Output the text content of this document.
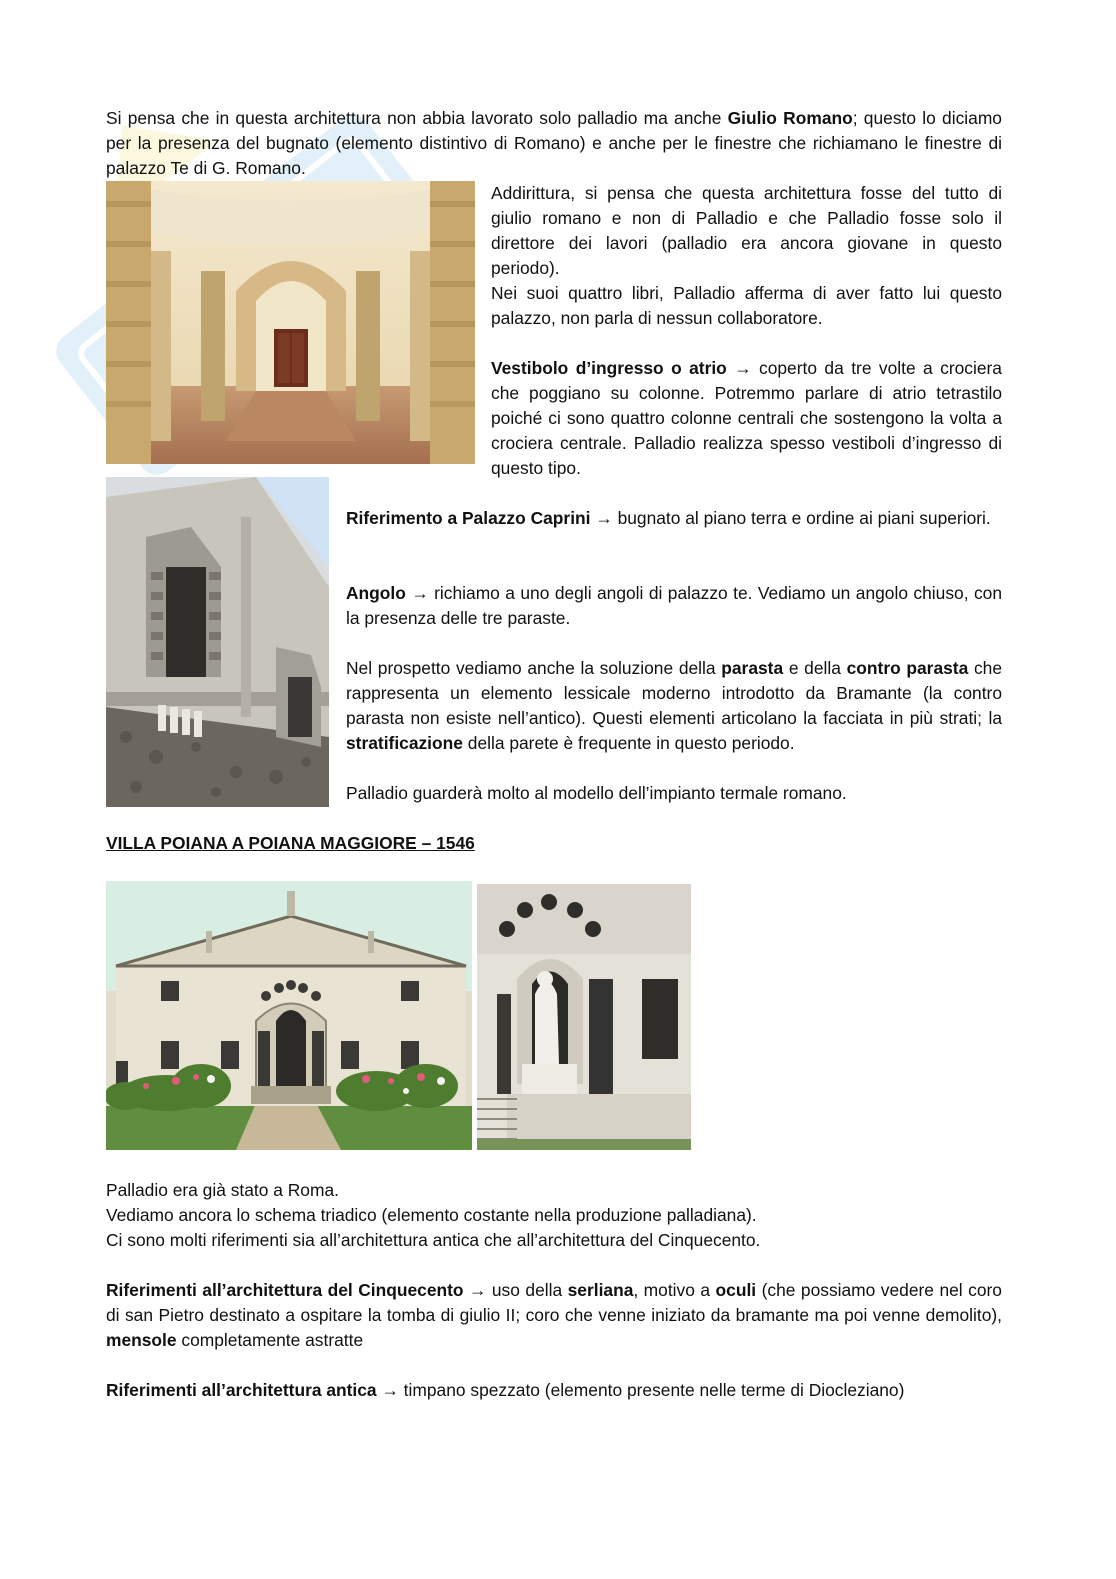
Si pensa che in questa architettura non abbia lavorato solo palladio ma anche Giulio Romano; questo lo diciamo per la presenza del bugnato (elemento distintivo di Romano) e anche per le finestre che richiamano le finestre di palazzo Te di G. Romano.

Addirittura, si pensa che questa architettura fosse del tutto di giulio romano e non di Palladio e che Palladio fosse solo il direttore dei lavori (palladio era ancora giovane in questo periodo).
Nei suoi quattro libri, Palladio afferma di aver fatto lui questo palazzo, non parla di nessun collaboratore.

Vestibolo d’ingresso o atrio → coperto da tre volte a crociera che poggiano su colonne. Potremmo parlare di atrio tetrastilo poiché ci sono quattro colonne centrali che sostengono la volta a crociera centrale. Palladio realizza spesso vestiboli d’ingresso di questo tipo.

Riferimento a Palazzo Caprini → bugnato al piano terra e ordine ai piani superiori.

Angolo → richiamo a uno degli angoli di palazzo te. Vediamo un angolo chiuso, con la presenza delle tre paraste.

Nel prospetto vediamo anche la soluzione della parasta e della contro parasta che rappresenta un elemento lessicale moderno introdotto da Bramante (la contro parasta non esiste nell’antico). Questi elementi articolano la facciata in più strati; la stratificazione della parete è frequente in questo periodo.

Palladio guarderà molto al modello dell’impianto termale romano.

VILLA POIANA A POIANA MAGGIORE – 1546

Palladio era già stato a Roma.
Vediamo ancora lo schema triadico (elemento costante nella produzione palladiana).
Ci sono molti riferimenti sia all’architettura antica che all’architettura del Cinquecento.

Riferimenti all’architettura del Cinquecento → uso della serliana, motivo a oculi (che possiamo vedere nel coro di san Pietro destinato a ospitare la tomba di giulio II; coro che venne iniziato da bramante ma poi venne demolito), mensole completamente astratte

Riferimenti all’architettura antica → timpano spezzato (elemento presente nelle terme di Diocleziano)
